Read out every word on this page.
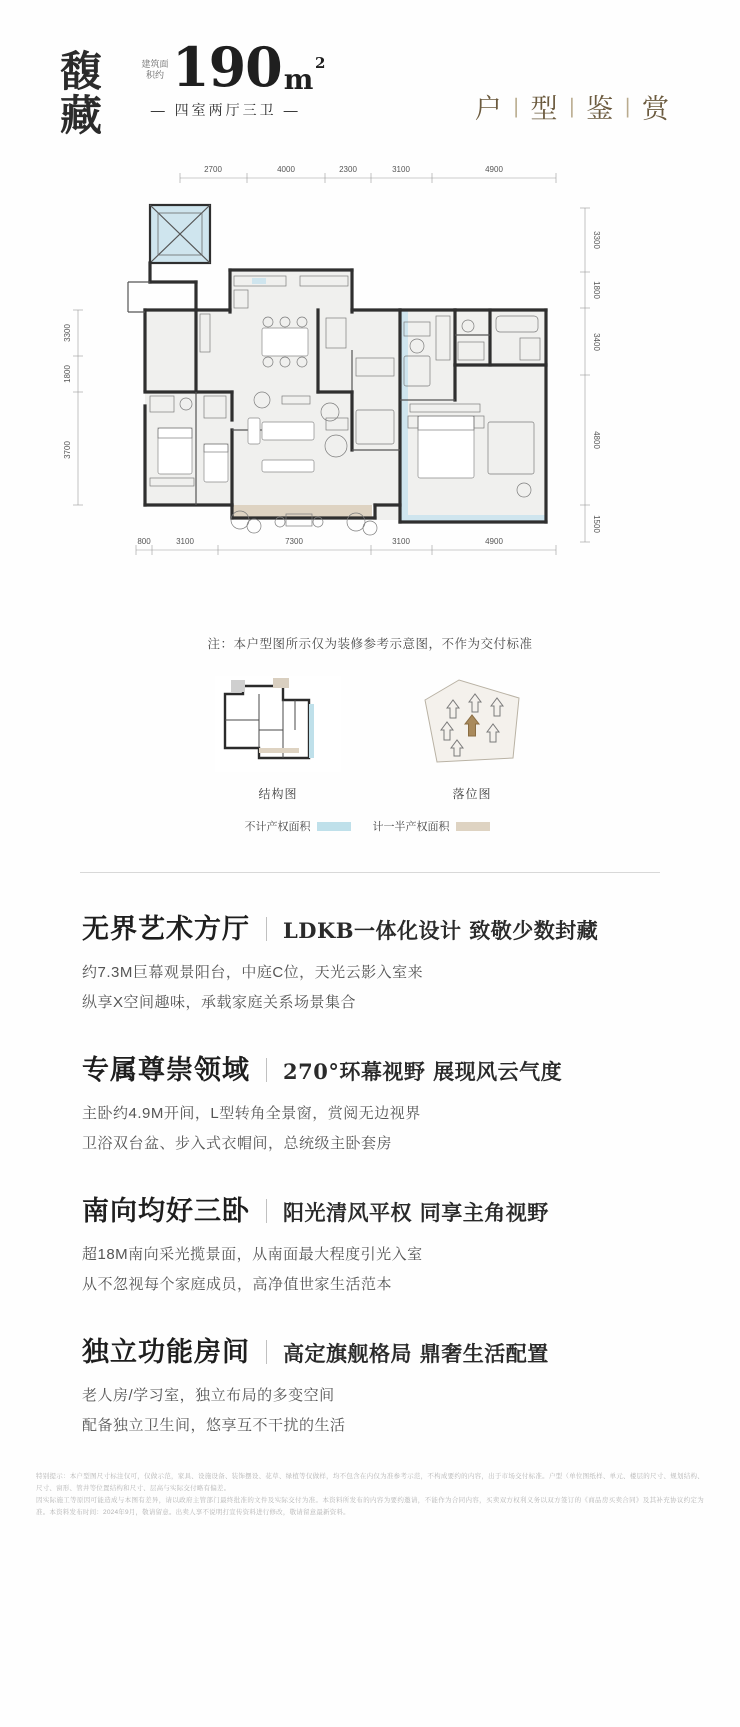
馥
藏
建筑面积约 190 m 2
— 四室两厅三卫 —	户 | 型 | 鉴 | 赏
2700	4000	2300	3100	4900
3300
1800
3400
4800
1500
3300
1800
3700
800	3100	7300	3100	4900
注：本户型图所示仅为装修参考示意图，不作为交付标准
结构图	落位图
不计产权面积	计一半产权面积
无界艺术方厅 LDKB一体化设计 致敬少数封藏
约7.3M巨幕观景阳台，中庭C位，天光云影入室来
纵享X空间趣味，承载家庭关系场景集合
专属尊崇领域 270°环幕视野 展现风云气度
主卧约4.9M开间，L型转角全景窗，赏阅无边视界
卫浴双台盆、步入式衣帽间，总统级主卧套房
南向均好三卧 阳光清风平权 同享主角视野
超18M南向采光揽景面，从南面最大程度引光入室
从不忽视每个家庭成员，高净值世家生活范本
独立功能房间 高定旗舰格局 鼎奢生活配置
老人房/学习室，独立布局的多变空间
配备独立卫生间，悠享互不干扰的生活
特别提示：本户型图尺寸标注仅可，仅做示范，家具、设施设备、装饰摆设、花草、绿植等仅做样，均不包含在内仅为准参考示范，不构成要约的内容，出于市场交付标准。户型（单位图纸样、单元、楼层的尺寸、规划结构、尺寸、窗形、管井等位置结构和尺寸、层高与实际交付略有偏差。
因实际施工等原因可能造成与本图有差异，请以政府主管部门最终批准的文件及实际交付为准。本资料所发布的内容为要约邀请，不能作为合同内容，买卖双方权利义务以双方签订的《商品房买卖合同》及其补充协议约定为准。本资料发布时间：2024年9月，敬请留意。出卖人享不说明打宣传资料进行修改，敬请留意最新资料。
